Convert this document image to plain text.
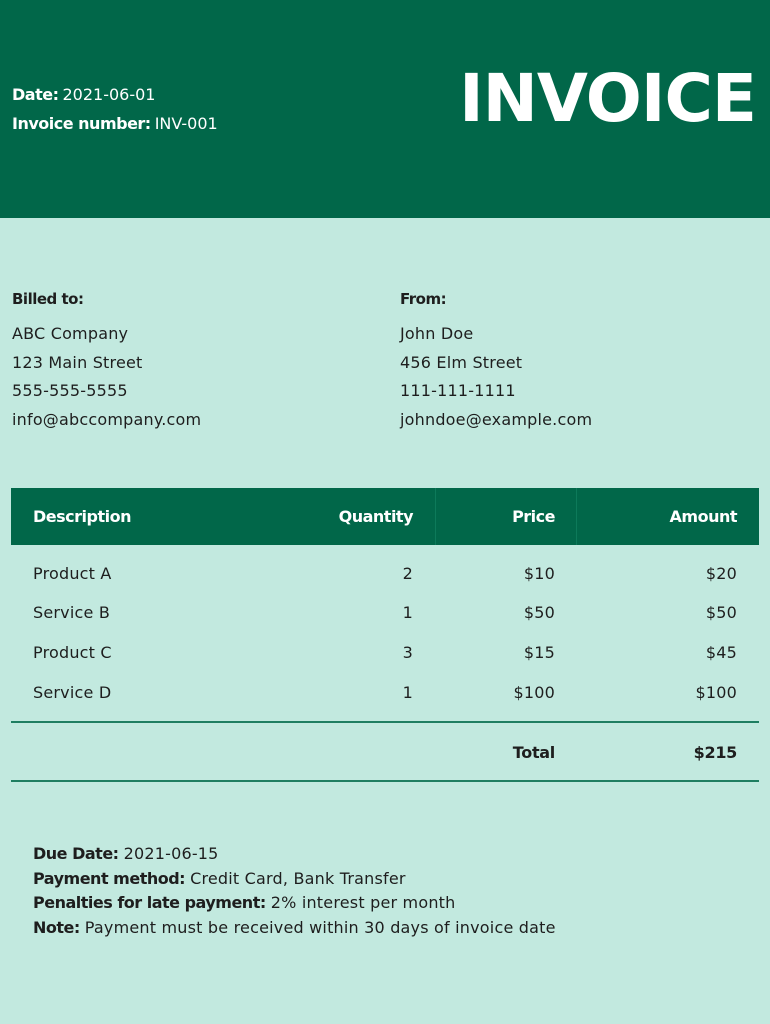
Date: 2021-06-01
Invoice number: INV-001	INVOICE
Billed to:
ABC Company
123 Main Street
555-555-5555
info@abccompany.com
From:
John Doe
456 Elm Street
111-111-1111
johndoe@example.com
Description	Quantity	Price	Amount
Product A	2	$10	$20
Service B	1	$50	$50
Product C	3	$15	$45
Service D	1	$100	$100
Total	$215
Due Date: 2021-06-15
Payment method: Credit Card, Bank Transfer
Penalties for late payment: 2% interest per month
Note: Payment must be received within 30 days of invoice date
